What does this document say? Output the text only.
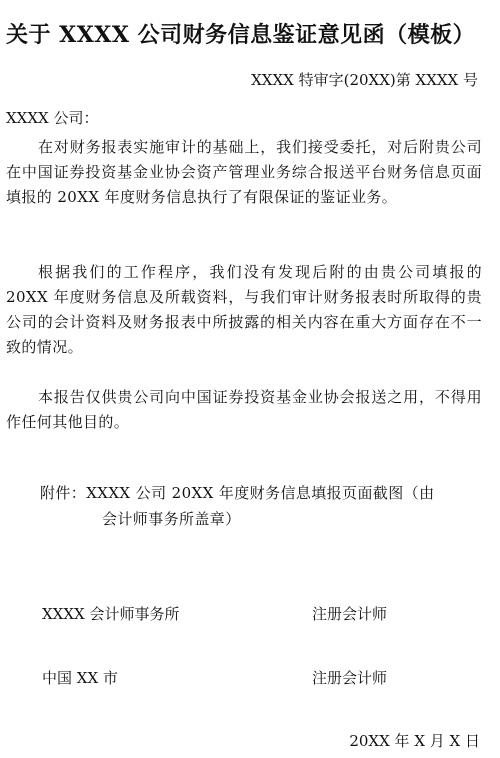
关于 XXXX 公司财务信息鉴证意见函（模板）
XXXX 特审字(20XX)第 XXXX 号
XXXX 公司：

在对财务报表实施审计的基础上，我们接受委托，对后附贵公司在中国证券投资基金业协会资产管理业务综合报送平台财务信息页面填报的 20XX 年度财务信息执行了有限保证的鉴证业务。

根据我们的工作程序，我们没有发现后附的由贵公司填报的 20XX 年度财务信息及所载资料，与我们审计财务报表时所取得的贵公司的会计资料及财务报表中所披露的相关内容在重大方面存在不一致的情况。

本报告仅供贵公司向中国证券投资基金业协会报送之用，不得用作任何其他目的。

附件：XXXX 公司 20XX 年度财务信息填报页面截图（由
会计师事务所盖章）
XXXX 会计师事务所	注册会计师
中国 XX 市	注册会计师
20XX 年 X 月 X 日
